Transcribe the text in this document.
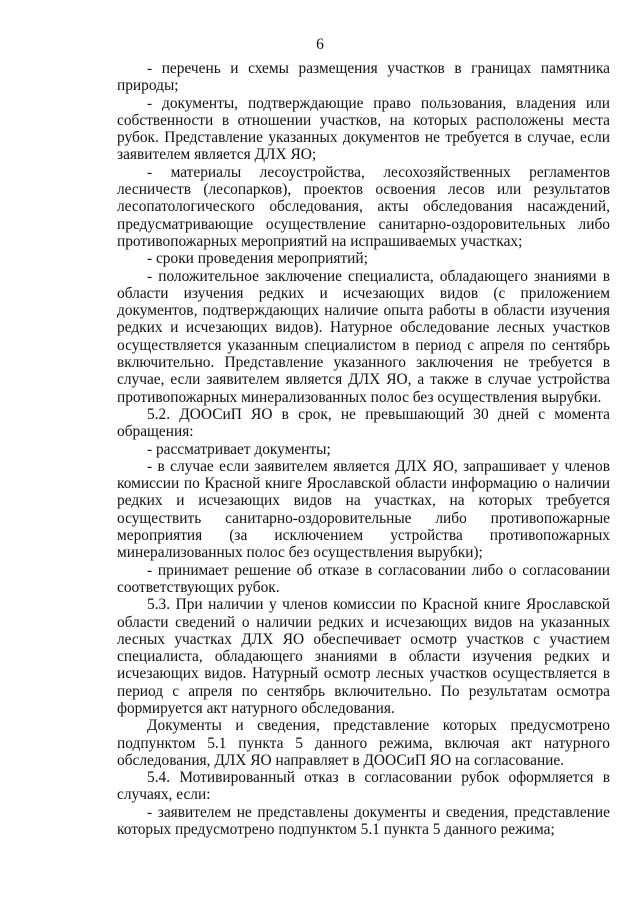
6

- перечень и схемы размещения участков в границах памятника природы;

- документы, подтверждающие право пользования, владения или собственности в отношении участков, на которых расположены места рубок. Представление указанных документов не требуется в случае, если заявителем является ДЛХ ЯО;

- материалы лесоустройства, лесохозяйственных регламентов лесничеств (лесопарков), проектов освоения лесов или результатов лесопатологического обследования, акты обследования насаждений, предусматривающие осуществление санитарно-оздоровительных либо противопожарных мероприятий на испрашиваемых участках;

- сроки проведения мероприятий;

- положительное заключение специалиста, обладающего знаниями в области изучения редких и исчезающих видов (с приложением документов, подтверждающих наличие опыта работы в области изучения редких и исчезающих видов). Натурное обследование лесных участков осуществляется указанным специалистом в период с апреля по сентябрь включительно. Представление указанного заключения не требуется в случае, если заявителем является ДЛХ ЯО, а также в случае устройства противопожарных минерализованных полос без осуществления вырубки.

5.2. ДООСиП ЯО в срок, не превышающий 30 дней с момента обращения:

- рассматривает документы;

- в случае если заявителем является ДЛХ ЯО, запрашивает у членов комиссии по Красной книге Ярославской области информацию о наличии редких и исчезающих видов на участках, на которых требуется осуществить санитарно-оздоровительные либо противопожарные мероприятия (за исключением устройства противопожарных минерализованных полос без осуществления вырубки);

- принимает решение об отказе в согласовании либо о согласовании соответствующих рубок.

5.3. При наличии у членов комиссии по Красной книге Ярославской области сведений о наличии редких и исчезающих видов на указанных лесных участках ДЛХ ЯО обеспечивает осмотр участков с участием специалиста, обладающего знаниями в области изучения редких и исчезающих видов. Натурный осмотр лесных участков осуществляется в период с апреля по сентябрь включительно. По результатам осмотра формируется акт натурного обследования.

Документы и сведения, представление которых предусмотрено подпунктом 5.1 пункта 5 данного режима, включая акт натурного обследования, ДЛХ ЯО направляет в ДООСиП ЯО на согласование.

5.4. Мотивированный отказ в согласовании рубок оформляется в случаях, если:

- заявителем не представлены документы и сведения, представление которых предусмотрено подпунктом 5.1 пункта 5 данного режима;
